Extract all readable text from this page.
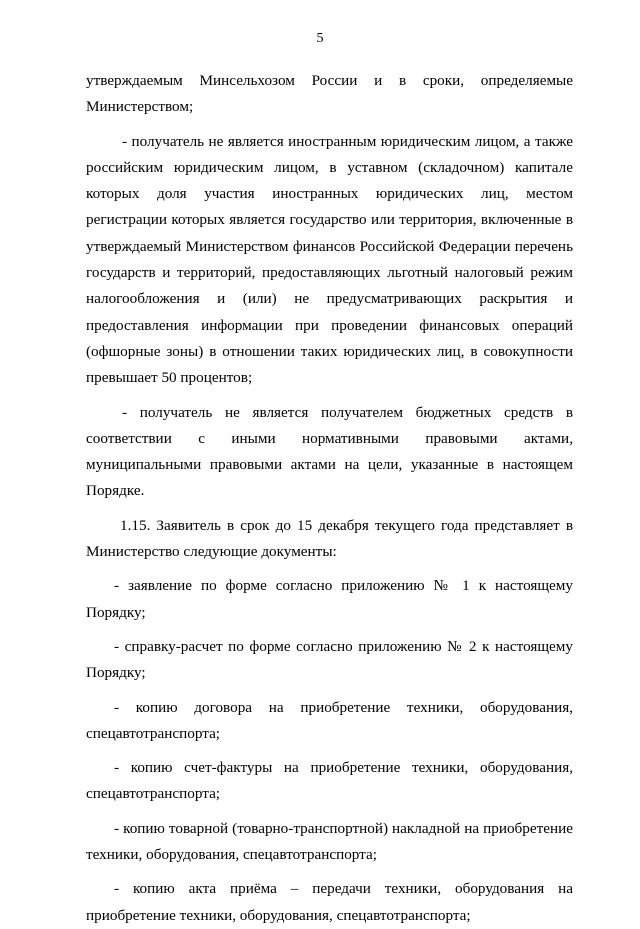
5

утверждаемым Минсельхозом России и в сроки, определяемые Министерством;

- получатель не является иностранным юридическим лицом, а также российским юридическим лицом, в уставном (складочном) капитале которых доля участия иностранных юридических лиц, местом регистрации которых является государство или территория, включенные в утверждаемый Министерством финансов Российской Федерации перечень государств и территорий, предоставляющих льготный налоговый режим налогообложения и (или) не предусматривающих раскрытия и предоставления информации при проведении финансовых операций (офшорные зоны) в отношении таких юридических лиц, в совокупности превышает 50 процентов;

- получатель не является получателем бюджетных средств в соответствии с иными нормативными правовыми актами, муниципальными правовыми актами на цели, указанные в настоящем Порядке.

1.15. Заявитель в срок до 15 декабря текущего года представляет в Министерство следующие документы:

- заявление по форме согласно приложению № 1 к настоящему Порядку;

- справку-расчет по форме согласно приложению № 2 к настоящему Порядку;

- копию договора на приобретение техники, оборудования, спецавтотранспорта;

- копию счет-фактуры на приобретение техники, оборудования, спецавтотранспорта;

- копию товарной (товарно-транспортной) накладной на приобретение техники, оборудования, спецавтотранспорта;

- копию акта приёма – передачи техники, оборудования на приобретение техники, оборудования, спецавтотранспорта;
